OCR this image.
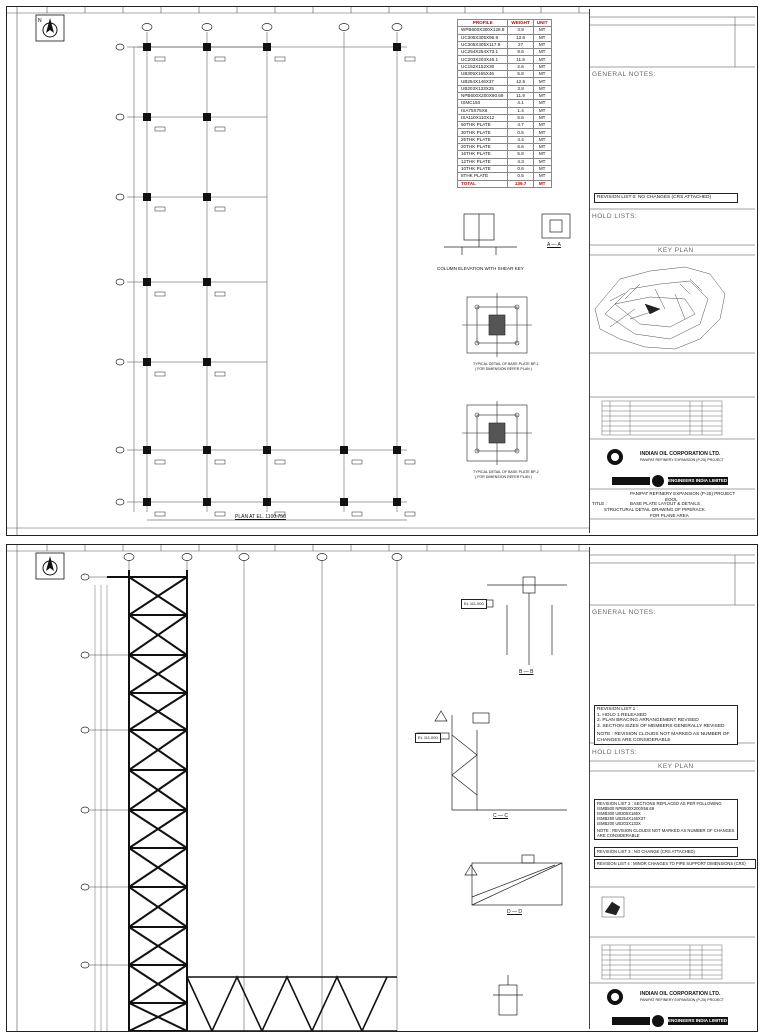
N	PROFILE	WEIGHT	UNIT
WPB600X300X128.8	3.9	MT
UC305X305X96.9	12.6	MT
UC305X305X117.9	27	MT
UC254X254X73.1	8.6	MT
UC203X203X46.1	11.5	MT
UC152X152X30	2.6	MT
UB305X165X46	5.8	MT
UB254X146X37	12.5	MT
UB203X133X25	3.8	MT
NPB600X200X90.69	11.9	MT
ISMC150	4.1	MT
ISA75X75X6	1.4	MT
ISA110X110X12	5.6	MT
50THK PLATE	4.7	MT
30THK PLATE	0.5	MT
25THK PLATE	4.4	MT
20THK PLATE	6.6	MT
16THK PLATE	5.8	MT
12THK PLATE	4.3	MT
10THK PLATE	0.6	MT
8THK PLATE	0.5	MT
TOTAL	139.7	MT
COLUMN ELEVATION WITH SHEAR KEY
A — A
TYPICAL DETAIL OF BASE PLATE BP-1
( FOR DIMENSION REFER PLAN )
TYPICAL DETAIL OF BASE PLATE BP-2
( FOR DIMENSION REFER PLAN )
PLAN AT EL. 1100.750
GENERAL NOTES:
REVISION LIST 0: NO CHANGES (CRS ATTACHED)
HOLD LISTS:
KEY PLAN
INDIAN OIL CORPORATION LTD.
PANIPAT REFINERY EXPANSION (P-25) PROJECT
ENGINEERS INDIA LIMITED
PANIPAT REFINERY EXPANSION (P-25) PROJECT
EOOL
TITLE :	BASE PLATE LAYOUT & DETAILS
STRUCTURAL DETAIL DRAWING OF PIPERACK
FOR PLANE AREA
EL 111.000
EL 111.000
B — B
C — C
D — D
GENERAL NOTES:
REVISION LIST 1 :
1. HOLD 1 RELEASED
2. PLAN BRACING ARRANGEMENT REVISED
3. SECTION SIZES OF MEMBERS GENERALLY REVISED
NOTE : REVISION CLOUDS NOT MARKED AS NUMBER OF CHANGES ARE CONSIDERABLE
HOLD LISTS:
KEY PLAN
REVISION LIST 2 : SECTIONS REPLACED AS PER FOLLOWING
ISMB500 NPB500X200X56.69
ISMB300 UB305X165X
ISMB250 UB254X146X37
ISMB200 UB203X133X
NOTE : REVISION CLOUDS NOT MARKED AS NUMBER OF CHANGES ARE CONSIDERABLE
REVISION LIST 3 : NO CHANGE (CRS ATTACHED)
REVISION LIST 4 : MINOR CHANGES TO PIPE SUPPORT DIMENSIONS (CRS)
INDIAN OIL CORPORATION LTD.
PANIPAT REFINERY EXPANSION (P-25) PROJECT
ENGINEERS INDIA LIMITED
